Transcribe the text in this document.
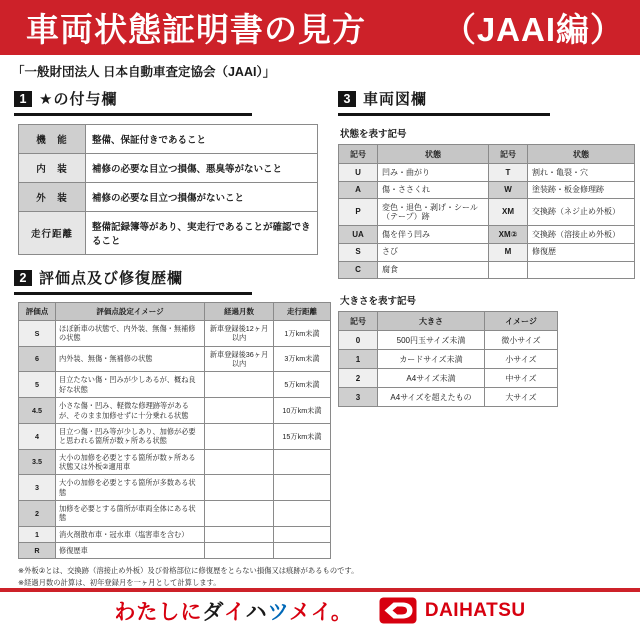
車両状態証明書の見方 （JAAI編）
「一般財団法人 日本自動車査定協会（JAAI）」
1 ★の付与欄
機　能	整備、保証付きであること
内　装	補修の必要な目立つ損傷、悪臭等がないこと
外　装	補修の必要な目立つ損傷がないこと
走行距離	整備記録簿等があり、実走行であることが確認できること
2 評価点及び修復歴欄
評価点	評価点設定イメージ	経過月数	走行距離
S	ほぼ新車の状態で、内外装、無傷・無補修の状態	新車登録後12ヶ月以内	1万km未満
6	内外装、無傷・無補修の状態	新車登録後36ヶ月以内	3万km未満
5	目立たない傷・凹みが少しあるが、概ね良好な状態		5万km未満
4.5	小さな傷・凹み、軽微な修理跡等があるが、そのまま加修せずに十分乗れる状態		10万km未満
4	目立つ傷・凹み等が少しあり、加修が必要と思われる箇所が数ヶ所ある状態		15万km未満
3.5	大小の加修を必要とする箇所が数ヶ所ある状態又は外板②適用車		
3	大小の加修を必要とする箇所が多数ある状態		
2	加修を必要とする箇所が車両全体にある状態		
1	消火剤散布車・冠水車（塩害車を含む）		
R	修復歴車		
※外板②とは、交換跡（溶接止め外板）及び骨格部位に修復歴をとらない損傷又は痕跡があるものです。
※経過月数の計算は、初年登録月を一ヶ月として計算します。
3 車両図欄
状態を表す記号
記号	状態	記号	状態
U	凹み・曲がり	T	割れ・亀裂・穴
A	傷・ささくれ	W	塗装跡・板金修理跡
P	変色・退色・剥げ・シール（テープ）跡	XM	交換跡（ネジ止め外板）
UA	傷を伴う凹み	XM②	交換跡（溶接止め外板）
S	さび	M	修復歴
C	腐食		
大きさを表す記号
記号	大きさ	イメージ
0	500円玉サイズ未満	微小サイズ
1	カードサイズ未満	小サイズ
2	A4サイズ未満	中サイズ
3	A4サイズを超えたもの	大サイズ
わたしにダイハツメイ。	DAIHATSU
